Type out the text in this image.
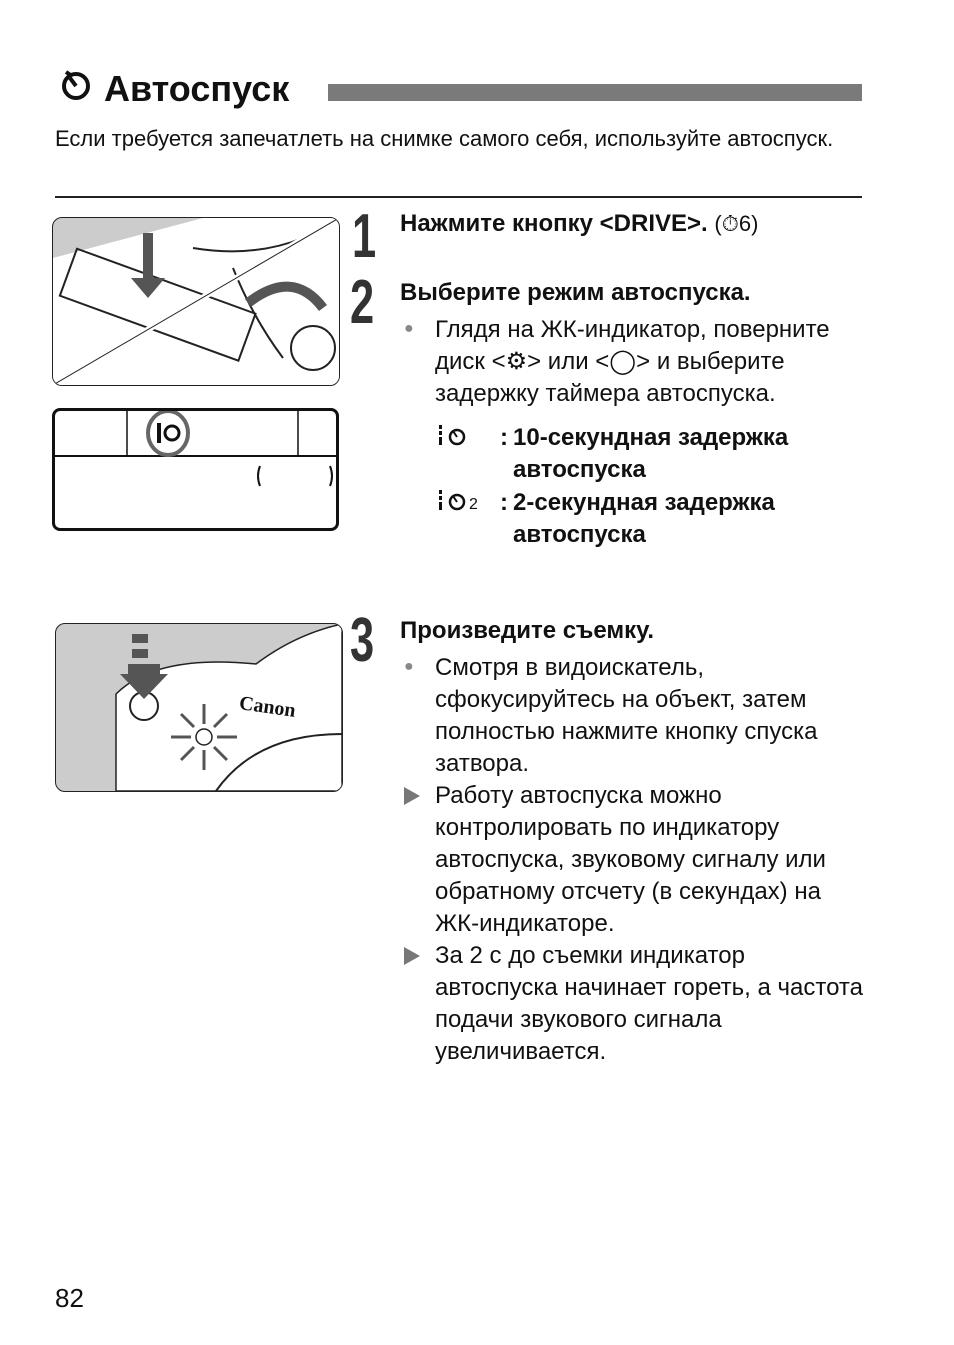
Автоспуск
Если требуется запечатлеть на снимке самого себя, используйте автоспуск.
Canon
1 Нажмите кнопку <DRIVE>. (⏱6)
2 Выберите режим автоспуска.
● Глядя на ЖК-индикатор, поверните диск <⚙> или <◯> и выберите задержку таймера автоспуска.
: 10-секундная задержка автоспуска
2 : 2-секундная задержка автоспуска
3 Произведите съемку.
● Смотря в видоискатель, сфокусируйтесь на объект, затем полностью нажмите кнопку спуска затвора.
Работу автоспуска можно контролировать по индикатору автоспуска, звуковому сигналу или обратному отсчету (в секундах) на ЖК-индикаторе.
За 2 с до съемки индикатор автоспуска начинает гореть, а частота подачи звукового сигнала увеличивается.
82
